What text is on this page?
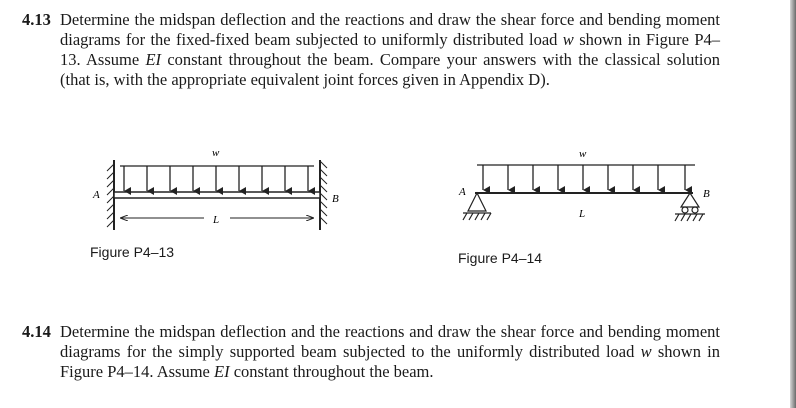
4.13 Determine the midspan deflection and the reactions and draw the shear force and bending moment diagrams for the fixed-fixed beam subjected to uniformly distributed load w shown in Figure P4–13. Assume EI constant throughout the beam. Compare your answers with the classical solution (that is, with the appropriate equivalent joint forces given in Appendix D).

w
A	B
L
Figure P4–13
w
A	B
L
Figure P4–14
4.14 Determine the midspan deflection and the reactions and draw the shear force and bending moment diagrams for the simply supported beam subjected to the uniformly distributed load w shown in Figure P4–14. Assume EI constant throughout the beam.
